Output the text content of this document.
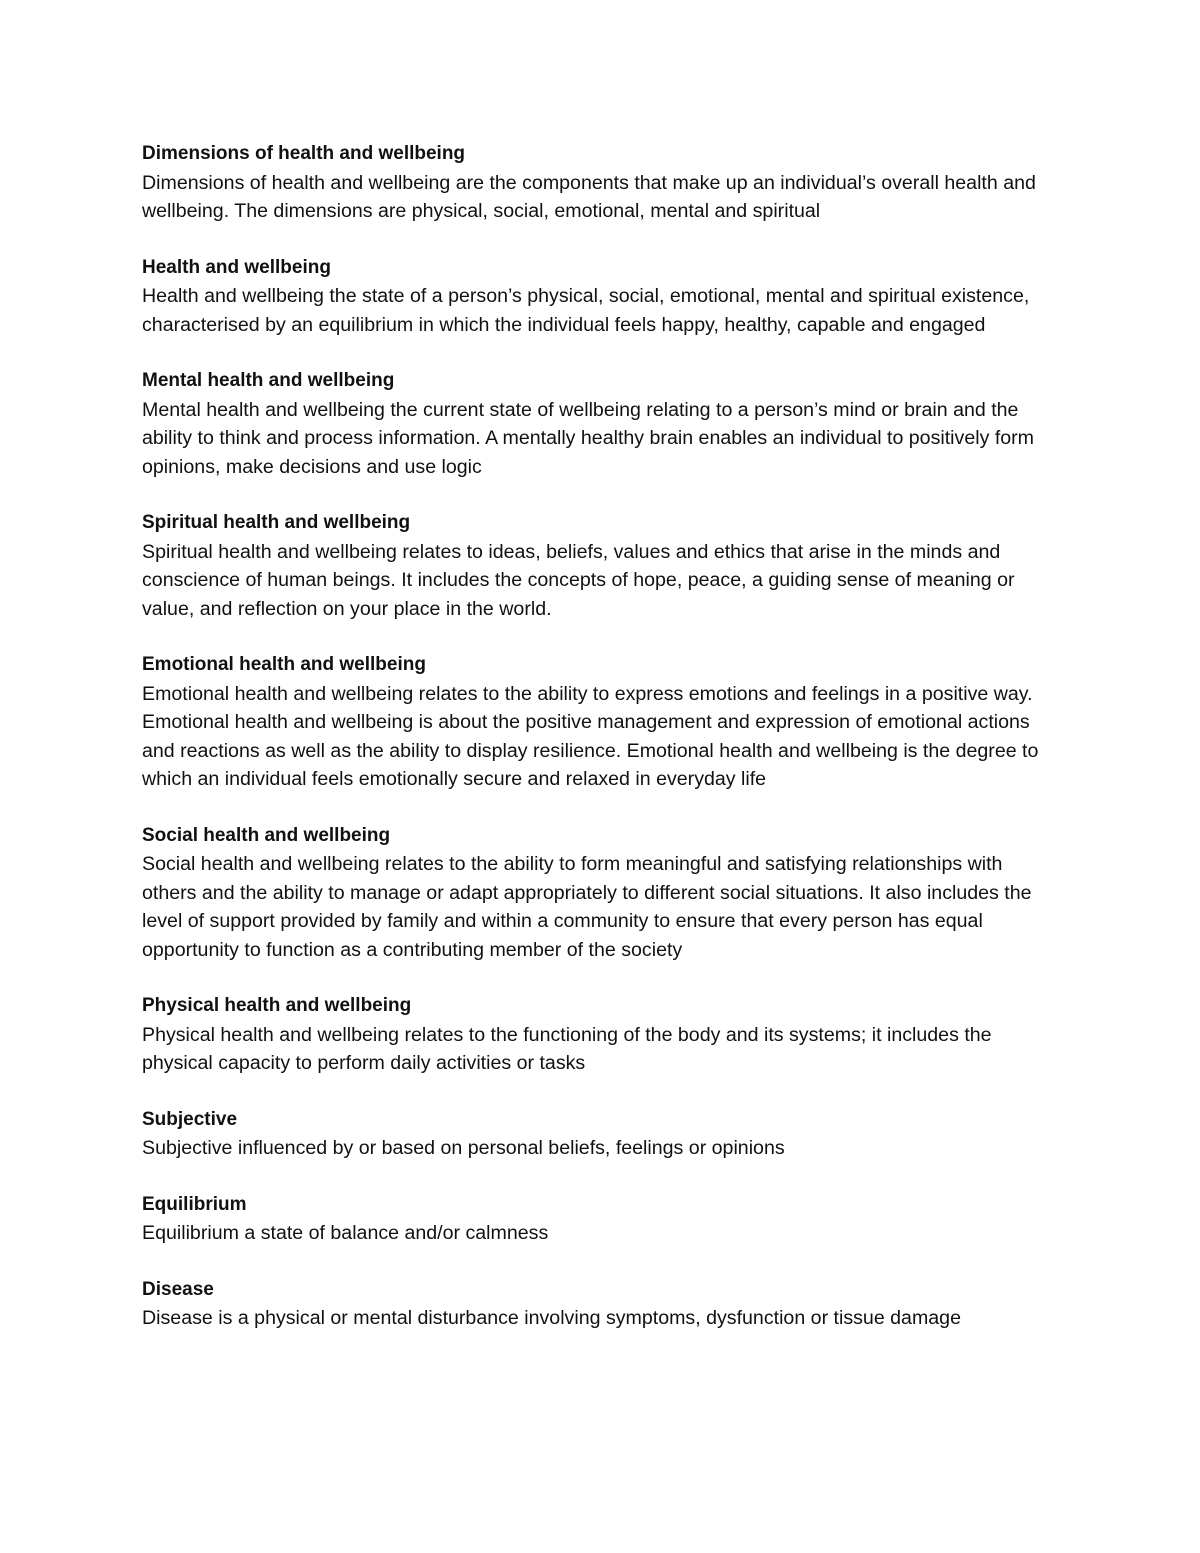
Dimensions of health and wellbeing

Dimensions of health and wellbeing are the components that make up an individual’s overall health and wellbeing. The dimensions are physical, social, emotional, mental and spiritual

Health and wellbeing

Health and wellbeing the state of a person’s physical, social, emotional, mental and spiritual existence, characterised by an equilibrium in which the individual feels happy, healthy, capable and engaged

Mental health and wellbeing

Mental health and wellbeing the current state of wellbeing relating to a person’s mind or brain and the ability to think and process information. A mentally healthy brain enables an individual to positively form opinions, make decisions and use logic

Spiritual health and wellbeing

Spiritual health and wellbeing relates to ideas, beliefs, values and ethics that arise in the minds and conscience of human beings. It includes the concepts of hope, peace, a guiding sense of meaning or value, and reflection on your place in the world.

Emotional health and wellbeing

Emotional health and wellbeing relates to the ability to express emotions and feelings in a positive way. Emotional health and wellbeing is about the positive management and expression of emotional actions and reactions as well as the ability to display resilience. Emotional health and wellbeing is the degree to which an individual feels emotionally secure and relaxed in everyday life

Social health and wellbeing

Social health and wellbeing relates to the ability to form meaningful and satisfying relationships with others and the ability to manage or adapt appropriately to different social situations. It also includes the level of support provided by family and within a community to ensure that every person has equal opportunity to function as a contributing member of the society

Physical health and wellbeing

Physical health and wellbeing relates to the functioning of the body and its systems; it includes the physical capacity to perform daily activities or tasks

Subjective

Subjective influenced by or based on personal beliefs, feelings or opinions

Equilibrium

Equilibrium a state of balance and/or calmness

Disease

Disease is a physical or mental disturbance involving symptoms, dysfunction or tissue damage
